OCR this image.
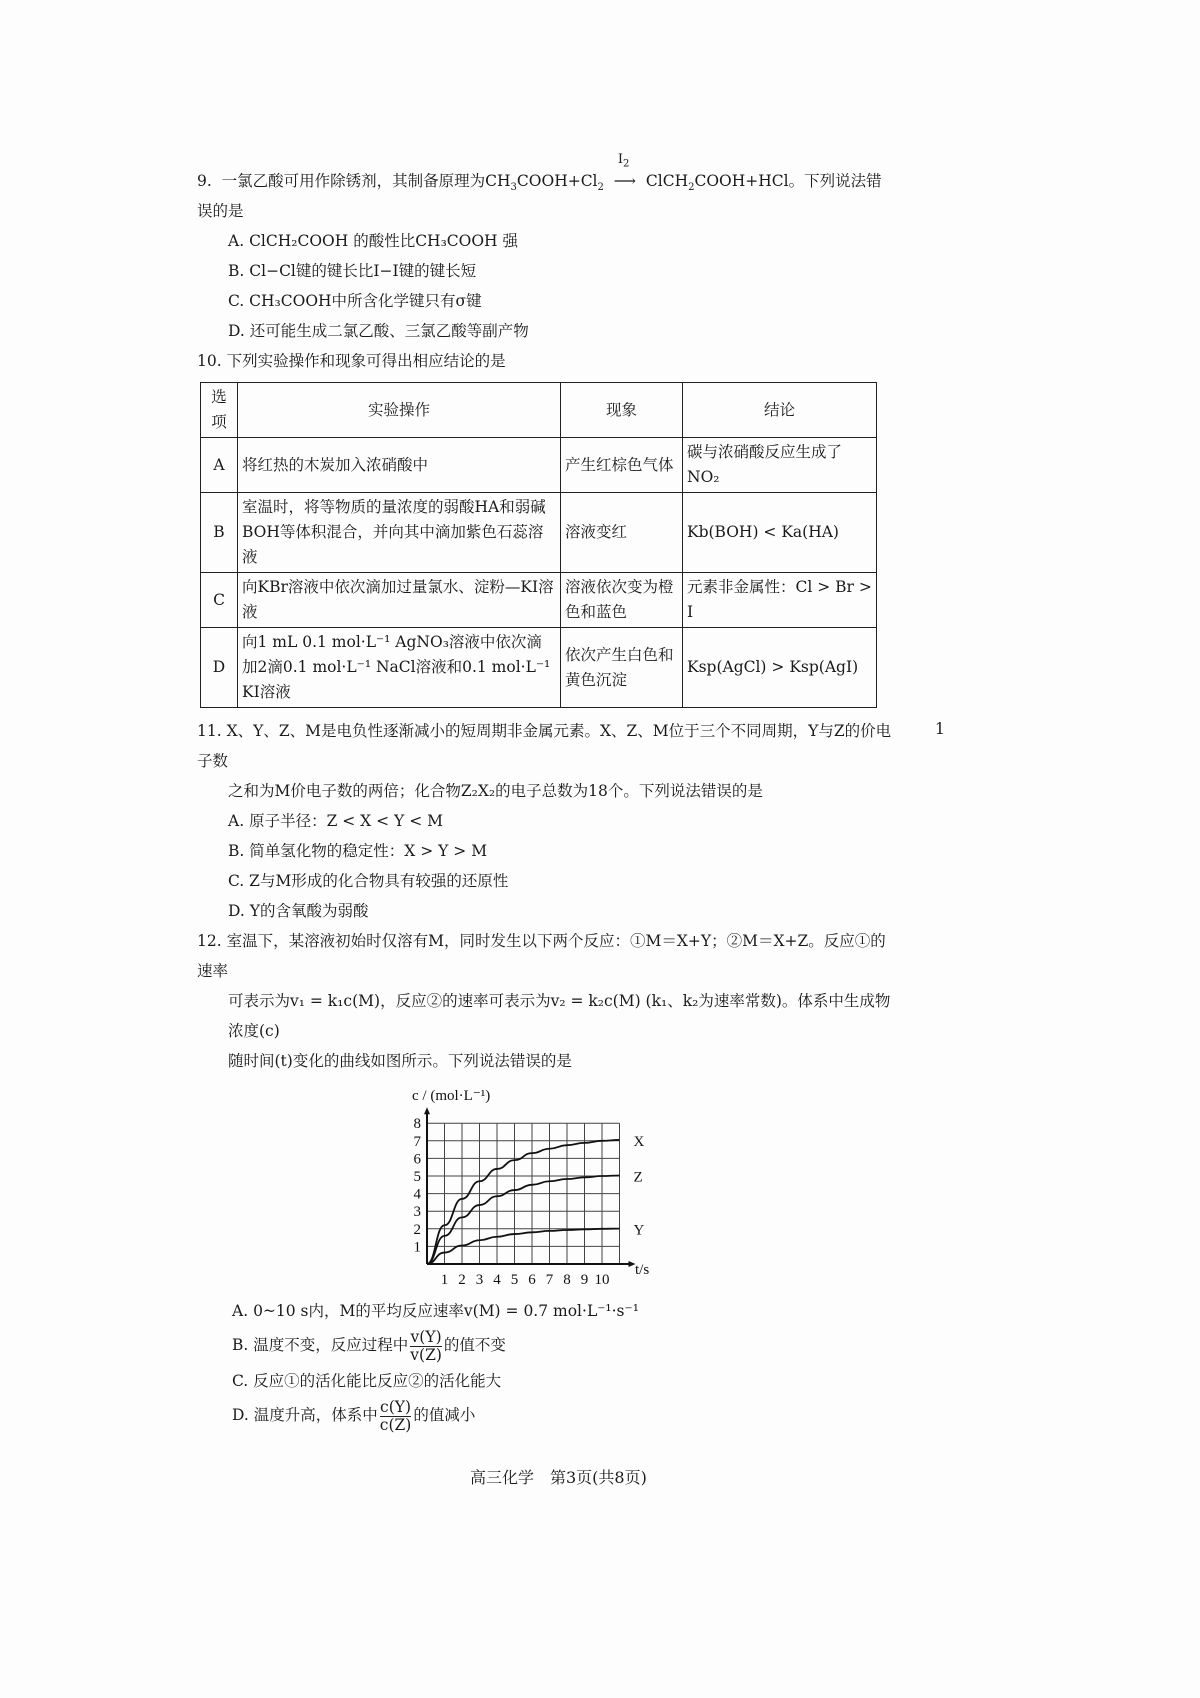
9. 一氯乙酸可用作除锈剂，其制备原理为$CH_3COOH+Cl_2$
$I_2$
⟶ ClCH$_2$COOH+HCl。下列说法错误的是
A. ClCH₂COOH 的酸性比CH₃COOH 强
B. Cl−Cl键的键长比I−I键的键长短
C. CH₃COOH中所含化学键只有σ键
D. 还可能生成二氯乙酸、三氯乙酸等副产物
10. 下列实验操作和现象可得出相应结论的是
选项	实验操作	现象	结论
A	将红热的木炭加入浓硝酸中	产生红棕色气体	碳与浓硝酸反应生成了NO₂
B	室温时，将等物质的量浓度的弱酸HA和弱碱BOH等体积混合，并向其中滴加紫色石蕊溶液	溶液变红	Kb(BOH) < Ka(HA)
C	向KBr溶液中依次滴加过量氯水、淀粉—KI溶液	溶液依次变为橙色和蓝色	元素非金属性：Cl > Br > I
D	向1 mL 0.1 mol·L⁻¹ AgNO₃溶液中依次滴加2滴0.1 mol·L⁻¹ NaCl溶液和0.1 mol·L⁻¹ KI溶液	依次产生白色和黄色沉淀	Ksp(AgCl) > Ksp(AgI)
11. X、Y、Z、M是电负性逐渐减小的短周期非金属元素。X、Z、M位于三个不同周期，Y与Z的价电子数
之和为M价电子数的两倍；化合物Z₂X₂的电子总数为18个。下列说法错误的是
A. 原子半径：Z < X < Y < M
B. 简单氢化物的稳定性：X > Y > M
C. Z与M形成的化合物具有较强的还原性
D. Y的含氧酸为弱酸
12. 室温下，某溶液初始时仅溶有M，同时发生以下两个反应：①M＝X+Y；②M＝X+Z。反应①的速率
可表示为v₁ = k₁c(M)，反应②的速率可表示为v₂ = k₂c(M) (k₁、k₂为速率常数)。体系中生成物浓度(c)
随时间(t)变化的曲线如图所示。下列说法错误的是
1 2 3 4 5 6 7 8 9 10
1
2
3
4
5
6
7
8
X
Z
Y
c / (mol·L⁻¹)
t/s
A. 0~10 s内，M的平均反应速率v(M) = 0.7 mol·L⁻¹·s⁻¹
B. 温度不变，反应过程中 $\frac{v(Y)}{v(Z)}$ 的值不变
C. 反应①的活化能比反应②的活化能大
D. 温度升高，体系中 $\frac{c(Y)}{c(Z)}$ 的值减小
高三化学　第3页(共8页)
1
